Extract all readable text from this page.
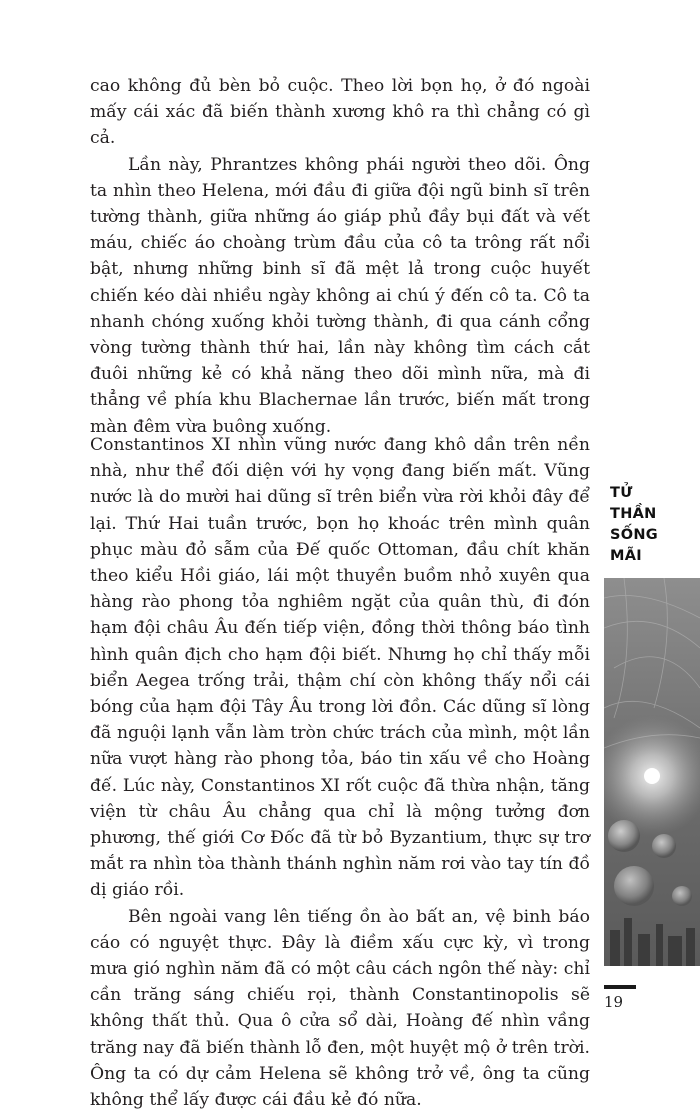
cao không đủ bèn bỏ cuộc. Theo lời bọn họ, ở đó ngoài mấy cái xác đã biến thành xương khô ra thì chẳng có gì cả.

Lần này, Phrantzes không phái người theo dõi. Ông ta nhìn theo Helena, mới đầu đi giữa đội ngũ binh sĩ trên tường thành, giữa những áo giáp phủ đầy bụi đất và vết máu, chiếc áo choàng trùm đầu của cô ta trông rất nổi bật, nhưng những binh sĩ đã mệt lả trong cuộc huyết chiến kéo dài nhiều ngày không ai chú ý đến cô ta. Cô ta nhanh chóng xuống khỏi tường thành, đi qua cánh cổng vòng tường thành thứ hai, lần này không tìm cách cắt đuôi những kẻ có khả năng theo dõi mình nữa, mà đi thẳng về phía khu Blachernae lần trước, biến mất trong màn đêm vừa buông xuống.

Constantinos XI nhìn vũng nước đang khô dần trên nền nhà, như thể đối diện với hy vọng đang biến mất. Vũng nước là do mười hai dũng sĩ trên biển vừa rời khỏi đây để lại. Thứ Hai tuần trước, bọn họ khoác trên mình quân phục màu đỏ sẫm của Đế quốc Ottoman, đầu chít khăn theo kiểu Hồi giáo, lái một thuyền buồm nhỏ xuyên qua hàng rào phong tỏa nghiêm ngặt của quân thù, đi đón hạm đội châu Âu đến tiếp viện, đồng thời thông báo tình hình quân địch cho hạm đội biết. Nhưng họ chỉ thấy mỗi biển Aegea trống trải, thậm chí còn không thấy nổi cái bóng của hạm đội Tây Âu trong lời đồn. Các dũng sĩ lòng đã nguội lạnh vẫn làm tròn chức trách của mình, một lần nữa vượt hàng rào phong tỏa, báo tin xấu về cho Hoàng đế. Lúc này, Constantinos XI rốt cuộc đã thừa nhận, tăng viện từ châu Âu chẳng qua chỉ là mộng tưởng đơn phương, thế giới Cơ Đốc đã từ bỏ Byzantium, thực sự trơ mắt ra nhìn tòa thành thánh nghìn năm rơi vào tay tín đồ dị giáo rồi.

Bên ngoài vang lên tiếng ồn ào bất an, vệ binh báo cáo có nguyệt thực. Đây là điềm xấu cực kỳ, vì trong mưa gió nghìn năm đã có một câu cách ngôn thế này: chỉ cần trăng sáng chiếu rọi, thành Constantinopolis sẽ không thất thủ. Qua ô cửa sổ dài, Hoàng đế nhìn vầng trăng nay đã biến thành lỗ đen, một huyệt mộ ở trên trời. Ông ta có dự cảm Helena sẽ không trở về, ông ta cũng không thể lấy được cái đầu kẻ đó nữa.

TỬ
THẦN
SỐNG
MÃI
19
